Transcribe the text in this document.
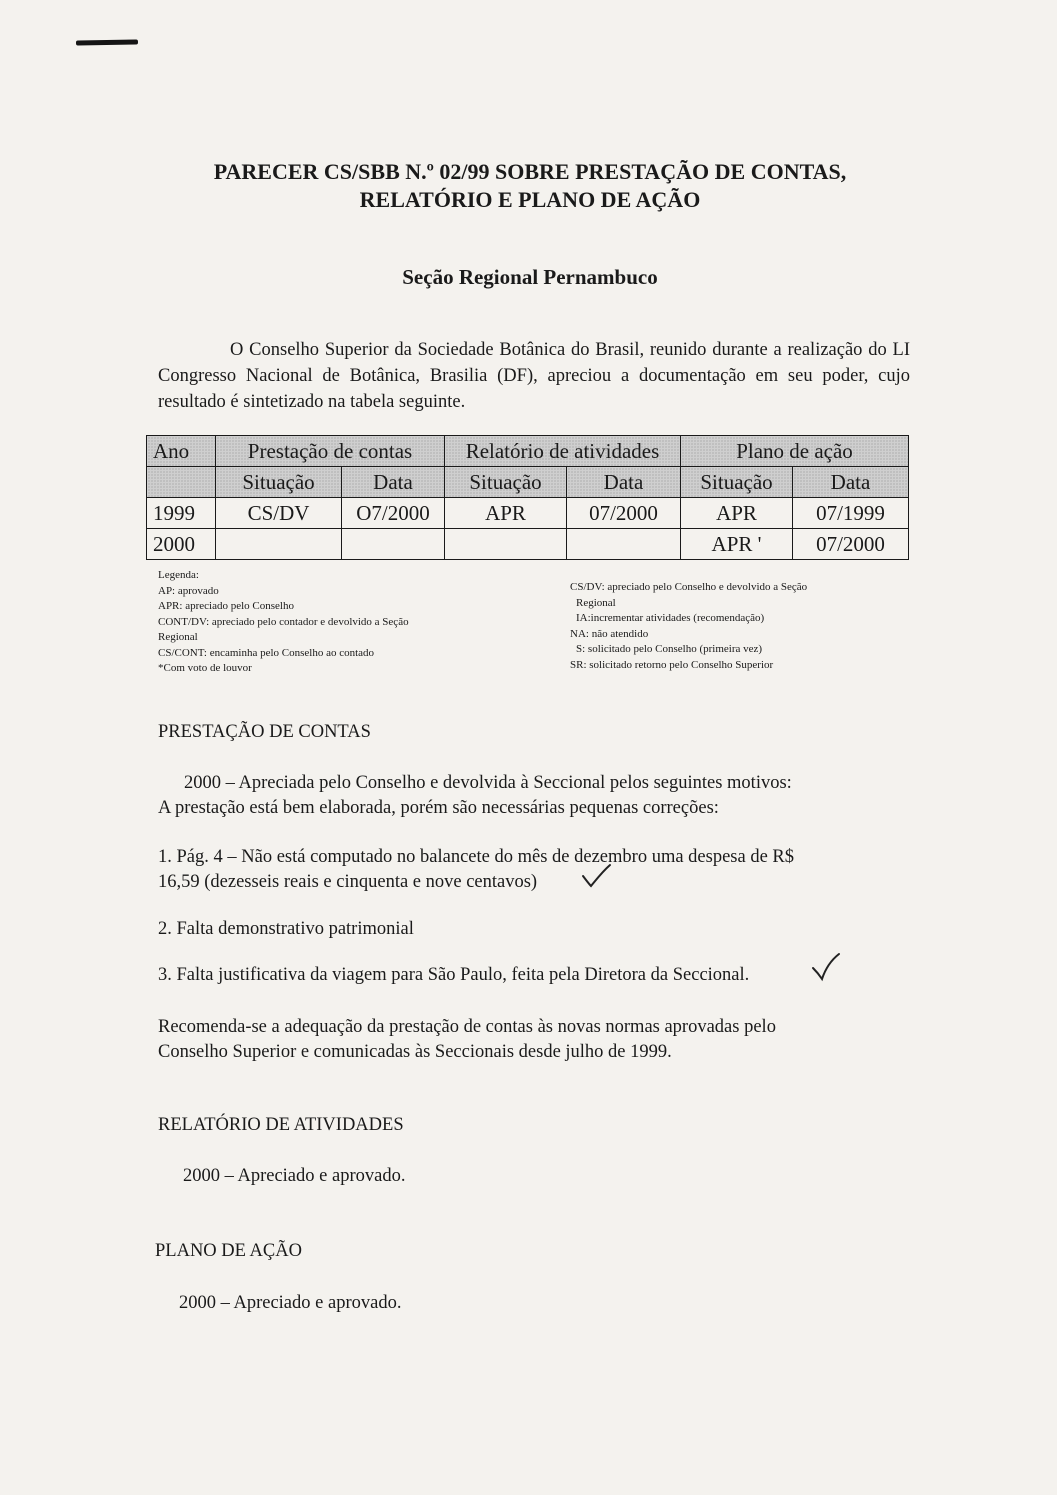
PARECER CS/SBB N.º 02/99 SOBRE PRESTAÇÃO DE CONTAS,
RELATÓRIO E PLANO DE AÇÃO
Seção Regional Pernambuco
O Conselho Superior da Sociedade Botânica do Brasil, reunido durante a realização do LI Congresso Nacional de Botânica, Brasilia (DF), apreciou a documentação em seu poder, cujo resultado é sintetizado na tabela seguinte.
Ano	Prestação de contas		Relatório de atividades		Plano de ação	
	Situação	Data	Situação	Data	Situação	Data
1999	CS/DV	O7/2000	APR	07/2000	APR	07/1999
2000					APR '	07/2000
Legenda:
AP: aprovado
APR: apreciado pelo Conselho
CONT/DV: apreciado pelo contador e devolvido a Seção
Regional
CS/CONT: encaminha pelo Conselho ao contado
*Com voto de louvor
CS/DV: apreciado pelo Conselho e devolvido a Seção
Regional
IA:incrementar atividades (recomendação)
NA: não atendido
S: solicitado pelo Conselho (primeira vez)
SR: solicitado retorno pelo Conselho Superior
PRESTAÇÃO DE CONTAS
2000 – Apreciada pelo Conselho e devolvida à Seccional pelos seguintes motivos:
A prestação está bem elaborada, porém são necessárias pequenas correções:
1. Pág. 4 – Não está computado no balancete do mês de dezembro uma despesa de R$
16,59 (dezesseis reais e cinquenta e nove centavos)
2. Falta demonstrativo patrimonial
3. Falta justificativa da viagem para São Paulo, feita pela Diretora da Seccional.
Recomenda-se a adequação da prestação de contas às novas normas aprovadas pelo
Conselho Superior e comunicadas às Seccionais desde julho de 1999.
RELATÓRIO DE ATIVIDADES
2000 – Apreciado e aprovado.
PLANO DE AÇÃO
2000 – Apreciado e aprovado.
